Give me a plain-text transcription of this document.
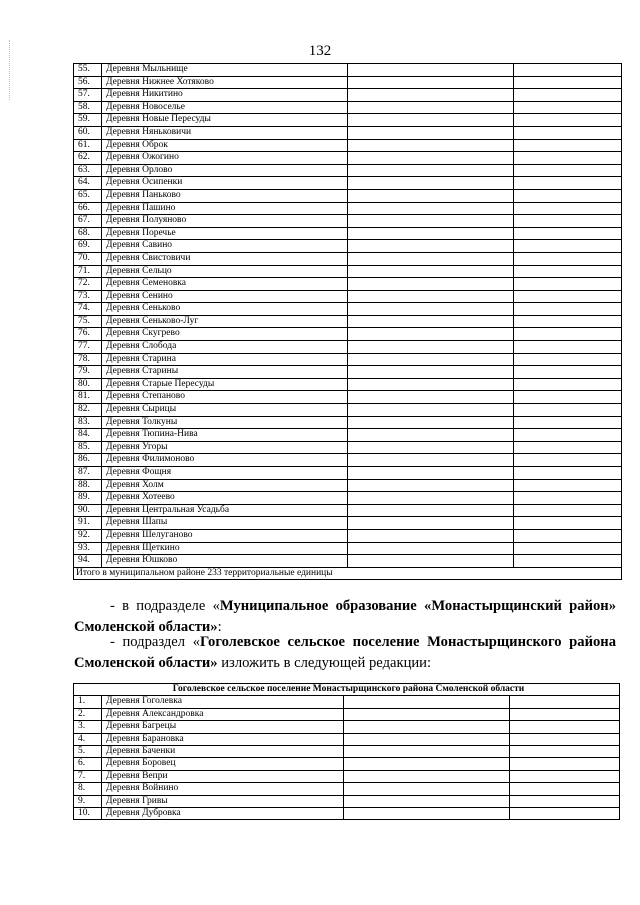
132
55.	Деревня Мыльнище		
56.	Деревня Нижнее Хотяково		
57.	Деревня Никитино		
58.	Деревня Новоселье		
59.	Деревня Новые Пересуды		
60.	Деревня Няньковичи		
61.	Деревня Оброк		
62.	Деревня Ожогино		
63.	Деревня Орлово		
64.	Деревня Осипенки		
65.	Деревня Паньково		
66.	Деревня Пашино		
67.	Деревня Полуяново		
68.	Деревня Поречье		
69.	Деревня Савино		
70.	Деревня Свистовичи		
71.	Деревня Сельцо		
72.	Деревня Семеновка		
73.	Деревня Сенино		
74.	Деревня Сеньково		
75.	Деревня Сеньково-Луг		
76.	Деревня Скугрево		
77.	Деревня Слобода		
78.	Деревня Старина		
79.	Деревня Старины		
80.	Деревня Старые Пересуды		
81.	Деревня Степаново		
82.	Деревня Сырицы		
83.	Деревня Толкуны		
84.	Деревня Тюпина-Нива		
85.	Деревня Угоры		
86.	Деревня Филимоново		
87.	Деревня Фощня		
88.	Деревня Холм		
89.	Деревня Хотеево		
90.	Деревня Центральная Усадьба		
91.	Деревня Шапы		
92.	Деревня Шелуганово		
93.	Деревня Щеткино		
94.	Деревня Юшково		
Итого в муниципальном районе 233 территориальные единицы			
- в подразделе «Муниципальное образование «Монастырщинский район» Смоленской области»:
- подраздел «Гоголевское сельское поселение Монастырщинского района Смоленской области» изложить в следующей редакции:
Гоголевское сельское поселение Монастырщинского района Смоленской области			
1.	Деревня Гоголевка		
2.	Деревня Александровка		
3.	Деревня Багрецы		
4.	Деревня Барановка		
5.	Деревня Баченки		
6.	Деревня Боровец		
7.	Деревня Вепри		
8.	Деревня Войнино		
9.	Деревня Гривы		
10.	Деревня Дубровка		
